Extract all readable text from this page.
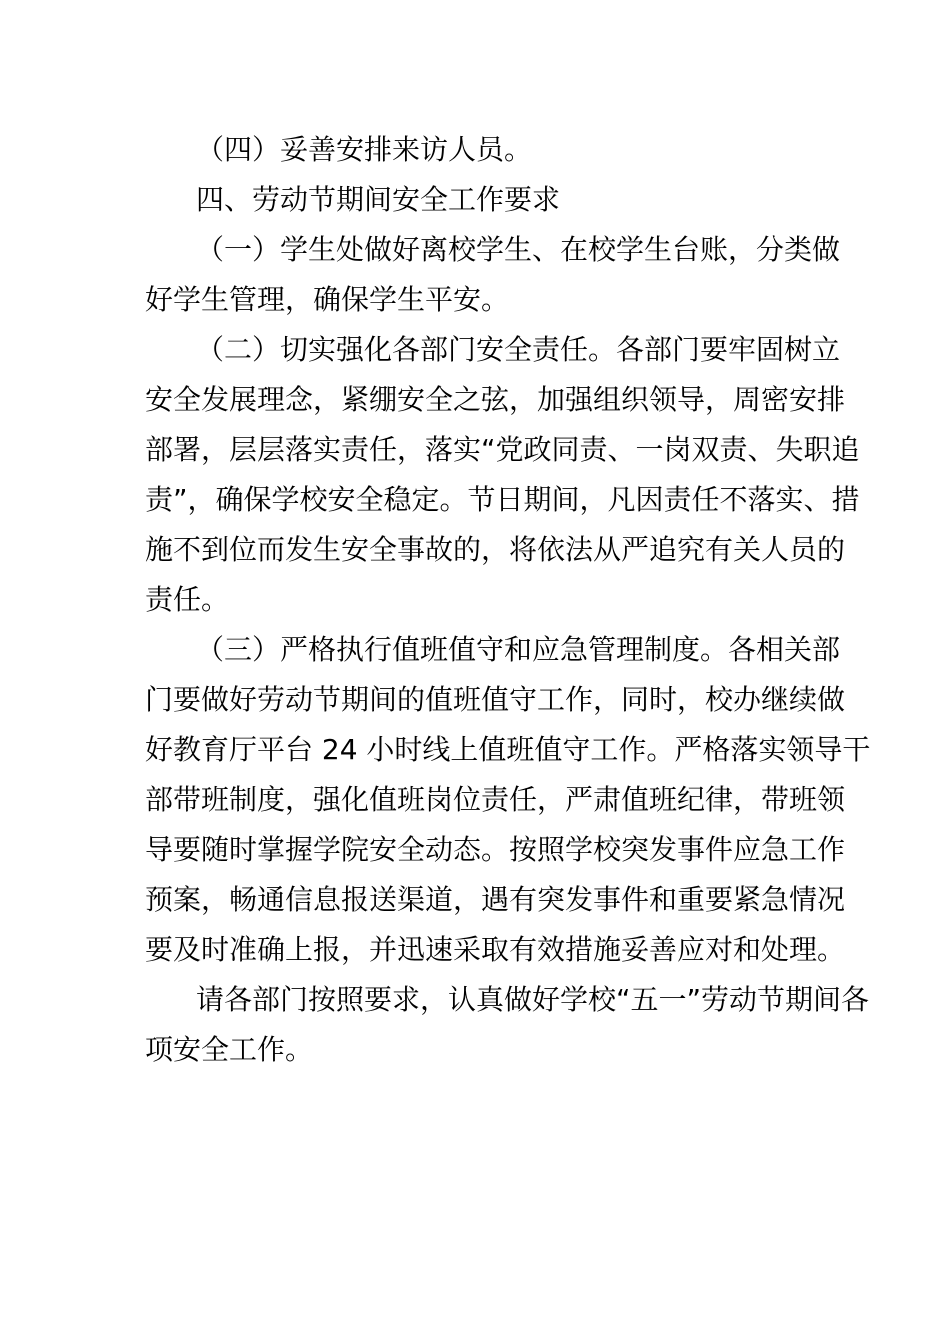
（四）妥善安排来访人员。
四、劳动节期间安全工作要求
（一）学生处做好离校学生、在校学生台账，分类做
好学生管理，确保学生平安。
（二）切实强化各部门安全责任。各部门要牢固树立
安全发展理念，紧绷安全之弦，加强组织领导，周密安排
部署，层层落实责任，落实“党政同责、一岗双责、失职追
责”，确保学校安全稳定。节日期间，凡因责任不落实、措
施不到位而发生安全事故的，将依法从严追究有关人员的
责任。
（三）严格执行值班值守和应急管理制度。各相关部
门要做好劳动节期间的值班值守工作，同时，校办继续做
好教育厅平台 24 小时线上值班值守工作。严格落实领导干
部带班制度，强化值班岗位责任，严肃值班纪律，带班领
导要随时掌握学院安全动态。按照学校突发事件应急工作
预案，畅通信息报送渠道，遇有突发事件和重要紧急情况
要及时准确上报，并迅速采取有效措施妥善应对和处理。
请各部门按照要求，认真做好学校“五一”劳动节期间各
项安全工作。
